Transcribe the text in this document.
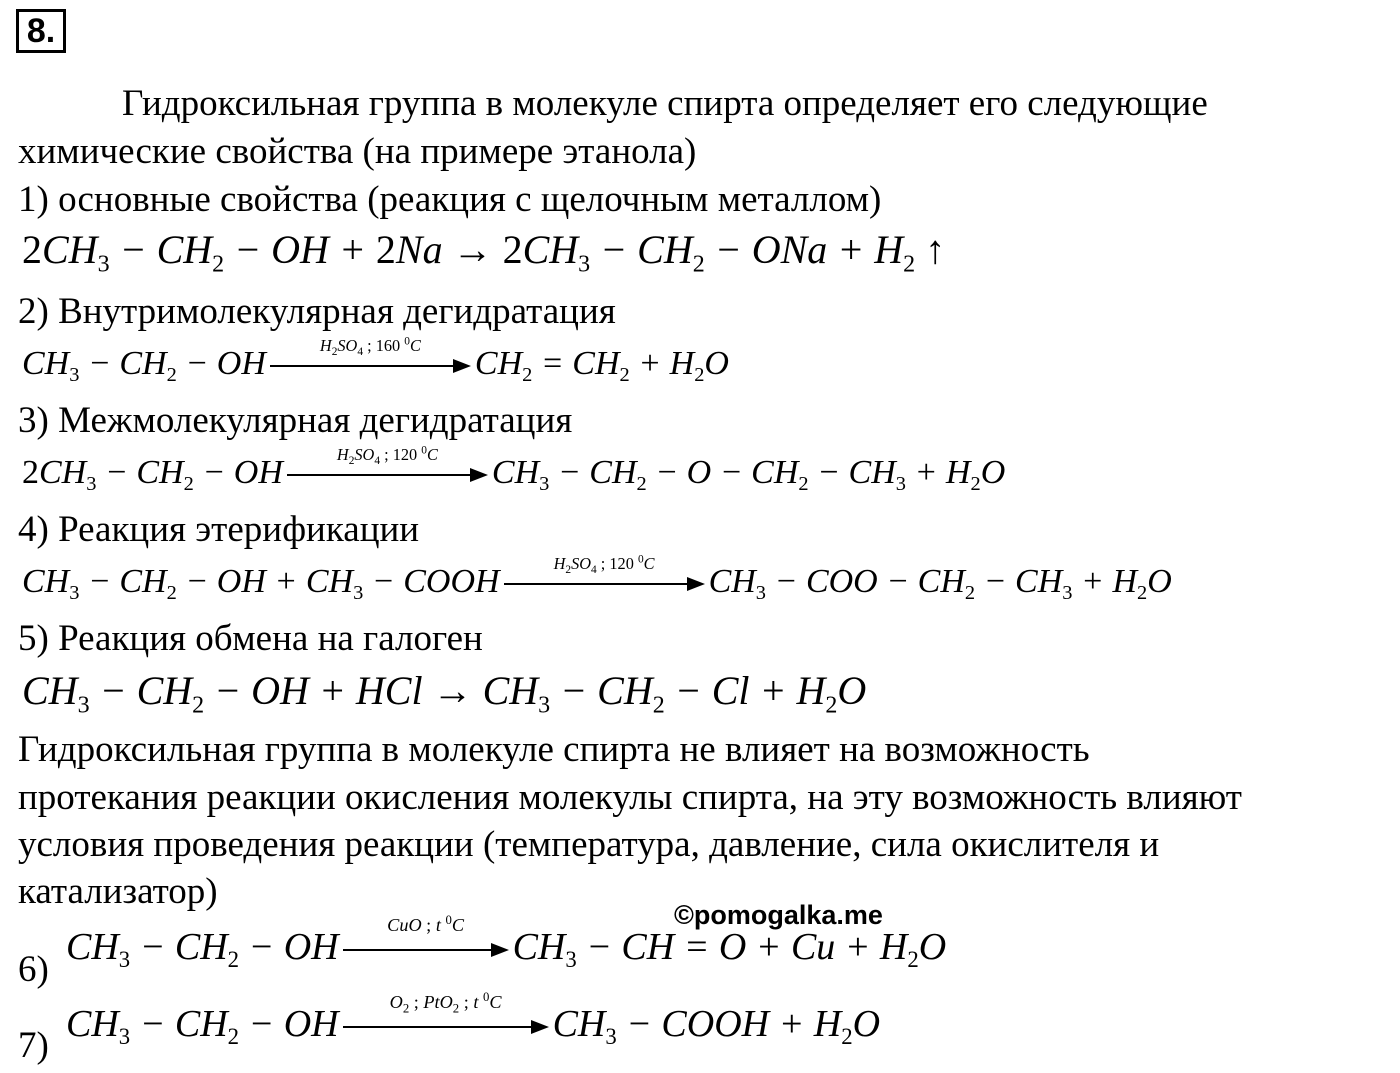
8.
Гидроксильная группа в молекуле спирта определяет его следующие
химические свойства (на примере этанола)
1) основные свойства (реакция с щелочным металлом)
$2CH_3 - CH_2$ − OH + $2Na \to 2CH_3 - CH_2$ − ONa + $H_2$ ↑
2) Внутримолекулярная дегидратация
$CH_3 - CH_2$ − OH	$H_2SO_4$ ; 160 $^0$C	$CH_2 = CH_2 + H_2O$
3) Межмолекулярная дегидратация
$2CH_3 - CH_2$ − OH	$H_2SO_4$ ; 120 $^0$C	$CH_3 - CH_2 - O - CH_2 - CH_3 + H_2O$
4) Реакция этерификации
$CH_3 - CH_2$ − OH + $CH_3$ − COOH	$H_2SO_4$ ; 120 $^0$C	$CH_3$ − COO − $CH_2 - CH_3 + H_2O$
5) Реакция обмена на галоген
$CH_3 - CH_2$ − OH + HCl → $CH_3 - CH_2 - Cl + H_2O$
Гидроксильная группа в молекуле спирта не влияет на возможность
протекания реакции окисления молекулы спирта, на эту возможность влияют
условия проведения реакции (температура, давление, сила окислителя и
катализатор)
©pomogalka.me
6)
$CH_3 - CH_2$ − OH
CuO ; t $^0$C
$CH_3$ − CH = $O + Cu + H_2O$
7)
$CH_3 - CH_2$ − OH
$O_2$ ; PtO$_2$ ; t $^0$C
$CH_3$ − COOH + $H_2O$
